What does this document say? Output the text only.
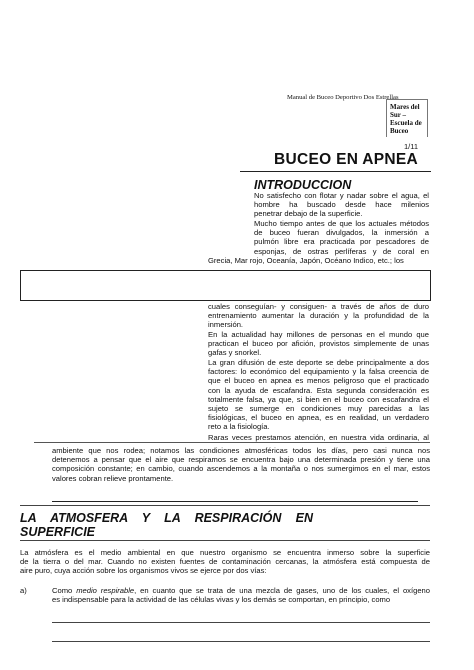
Manual de Buceo Deportivo Dos Estrellas
Mares del
Sur –
Escuela de
Buceo
1/11
BUCEO EN APNEA
INTRODUCCION
No satisfecho con flotar y nadar sobre el agua, el
hombre ha buscado desde hace milenios
penetrar debajo de la superficie.
Mucho tiempo antes de que los actuales métodos
de buceo fueran divulgados, la inmersión a
pulmón libre era practicada por pescadores de
esponjas, de ostras perlíferas y de coral en
Grecia, Mar rojo, Oceanía, Japón, Océano Indico, etc.; los
cuales conseguían- y consiguen- a través de años de duro
entrenamiento aumentar la duración y la profundidad de la
inmersión.
En la actualidad hay millones de personas en el mundo que
practican el buceo por afición, provistos simplemente de unas
gafas y snorkel.
La gran difusión de este deporte se debe principalmente a dos
factores: lo económico del equipamiento y la falsa creencia de
que el buceo en apnea es menos peligroso que el practicado
con la ayuda de escafandra. Esta segunda consideración es
totalmente falsa, ya que, si bien en el buceo con escafandra el
sujeto se sumerge en condiciones muy parecidas a las
fisiológicas, el buceo en apnea, es en realidad, un verdadero
reto a la fisiología.
Raras veces prestamos atención, en nuestra vida ordinaria, al
ambiente que nos rodea; notamos las condiciones atmosféricas todos los días, pero casi nunca nos
detenemos a pensar que el aire que respiramos se encuentra bajo una determinada presión y tiene una
composición constante; en cambio, cuando ascendemos a la montaña o nos sumergimos en el mar, estos
valores cobran relieve prontamente.
LA ATMOSFERA Y LA RESPIRACIÓN EN
SUPERFICIE
La atmósfera es el medio ambiental en que nuestro organismo se encuentra inmerso sobre la superficie
de la tierra o del mar. Cuando no existen fuentes de contaminación cercanas, la atmósfera está compuesta de
aire puro, cuya acción sobre los organismos vivos se ejerce por dos vías:
a)	Como medio respirable, en cuanto que se trata de una mezcla de gases, uno de los cuales, el oxígeno
es indispensable para la actividad de las células vivas y los demás se comportan, en principio, como
